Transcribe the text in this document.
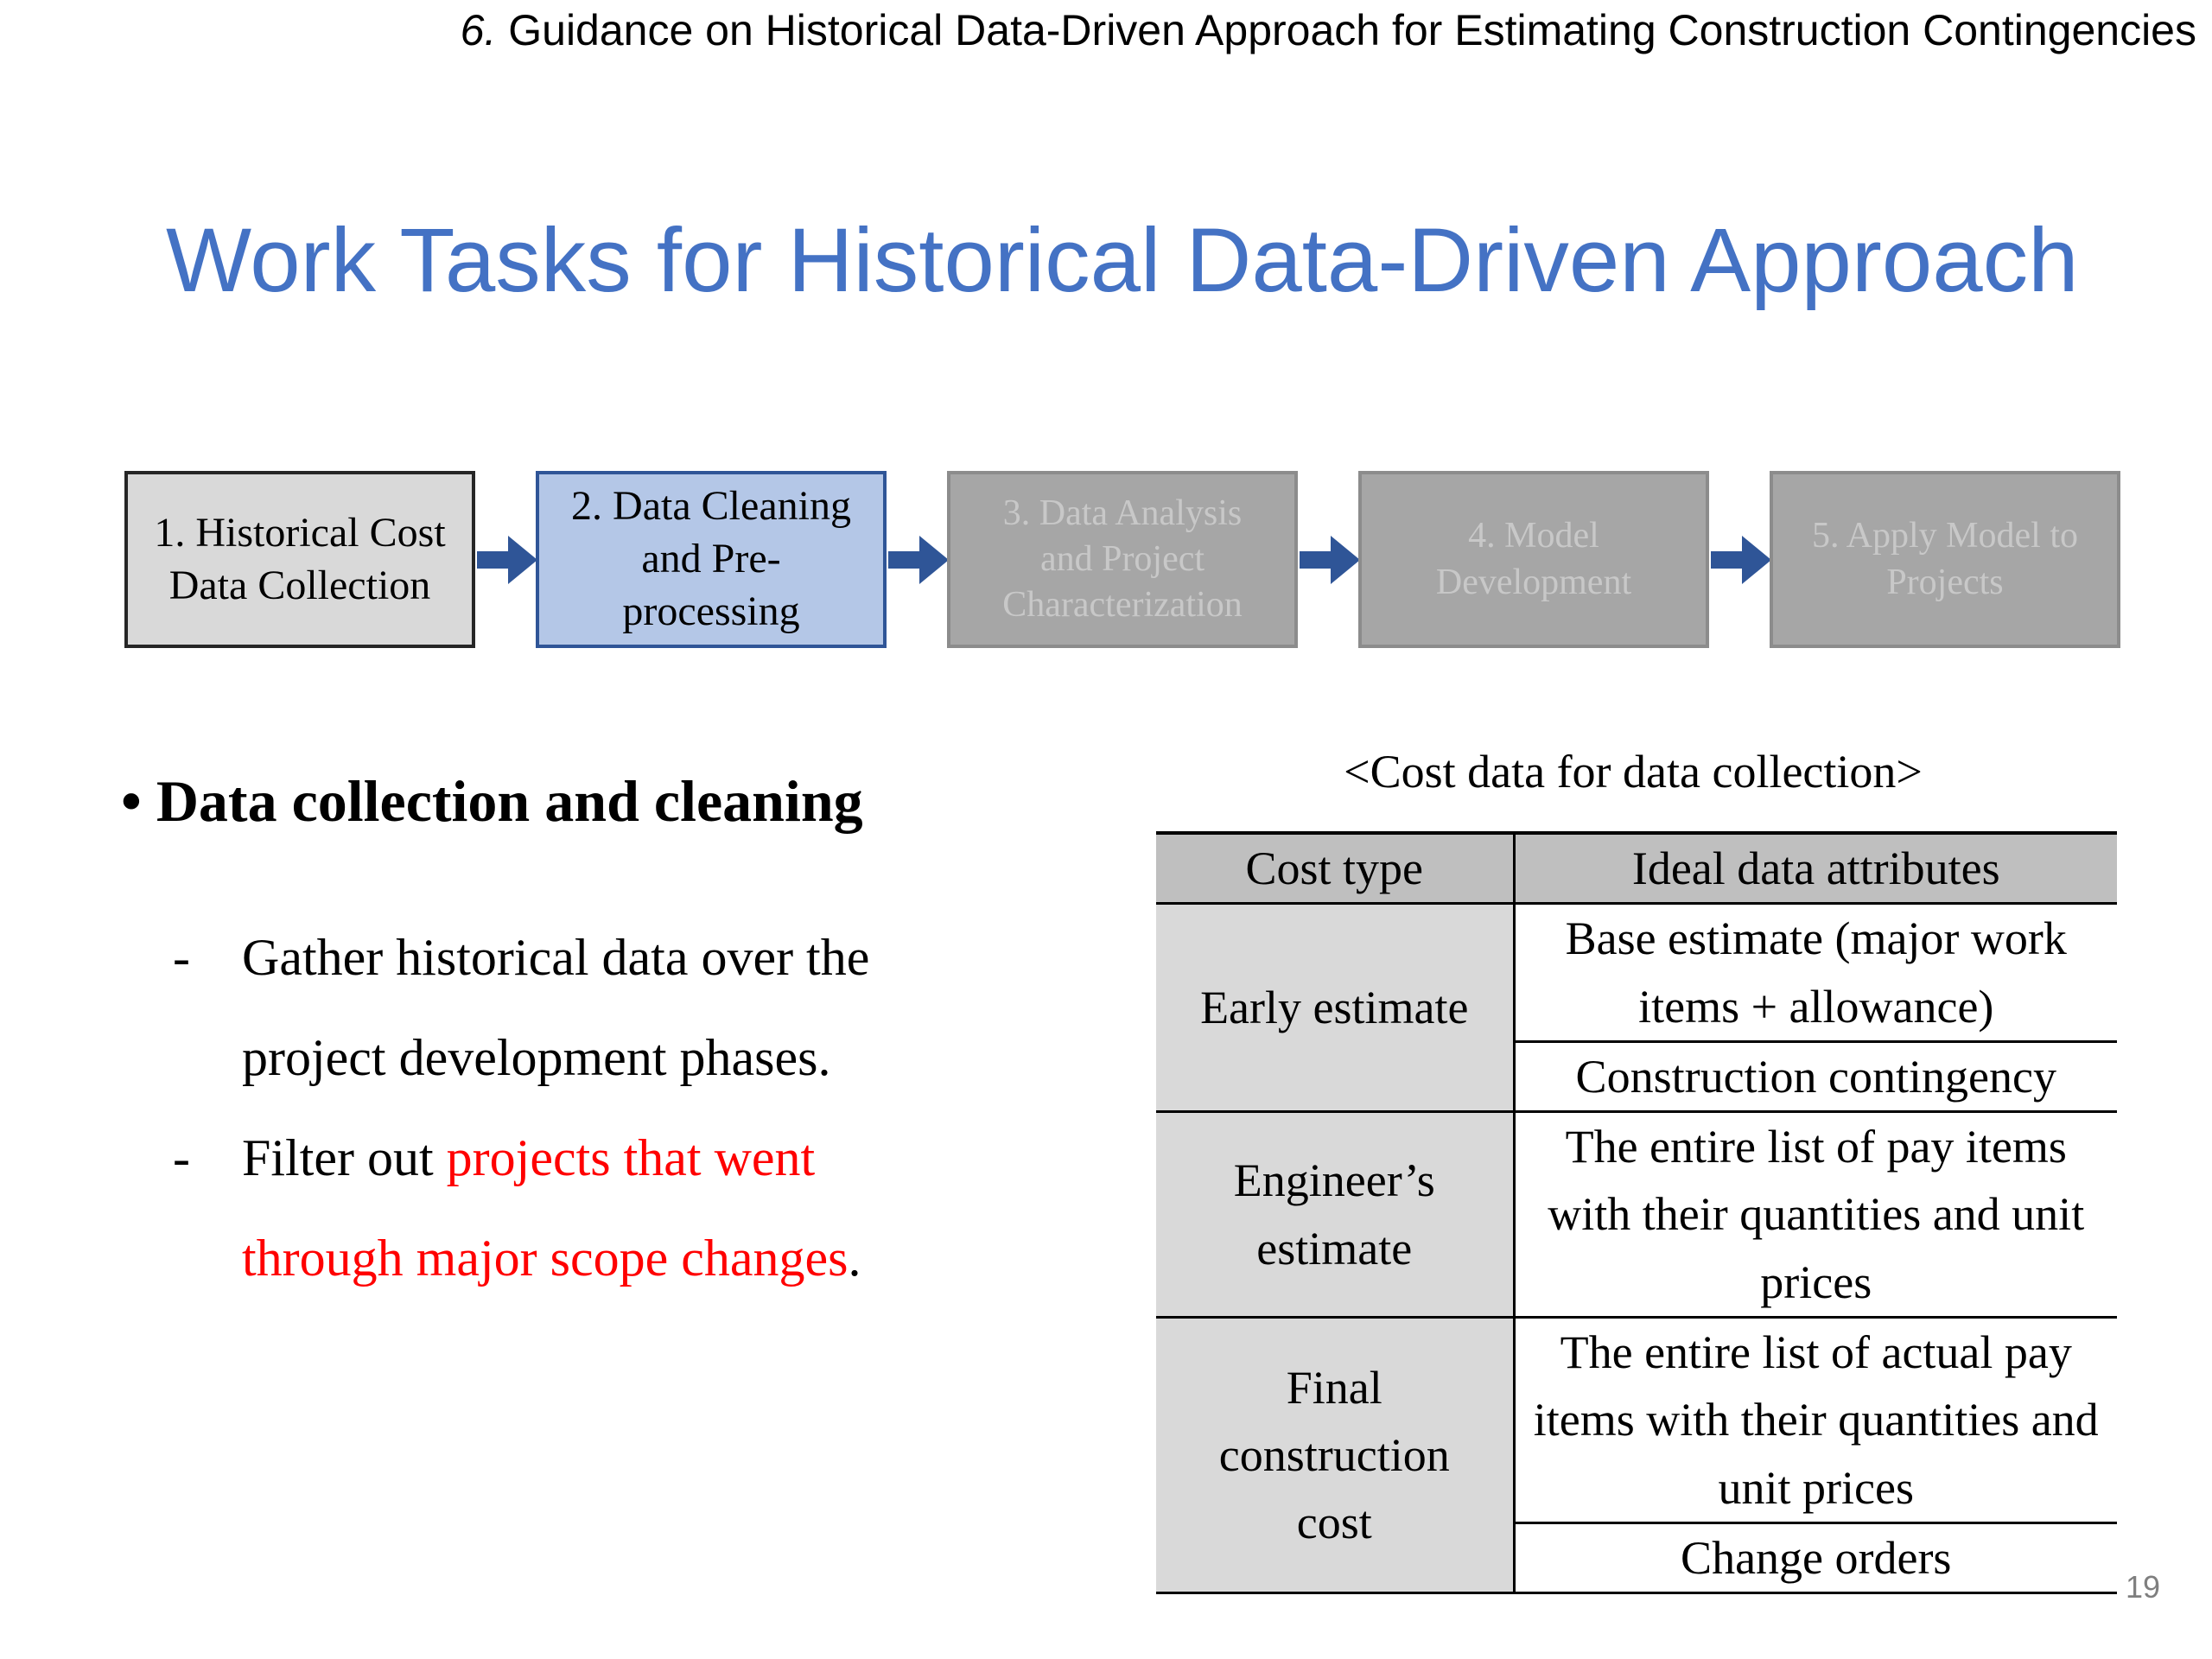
6. Guidance on Historical Data-Driven Approach for Estimating Construction Contingencies
Work Tasks for Historical Data-Driven Approach
1. Historical Cost
Data Collection
2. Data Cleaning
and Pre-
processing
3. Data Analysis
and Project
Characterization
4. Model
Development
5. Apply Model to
Projects
• Data collection and cleaning
- Gather historical data over the
project development phases.
- Filter out projects that went
through major scope changes.
<Cost data for data collection>
Cost type	Ideal data attributes
Early estimate	Base estimate (major work items + allowance)
	Construction contingency
Engineer’s estimate	The entire list of pay items with their quantities and unit prices
Final construction cost	The entire list of actual pay items with their quantities and unit prices
	Change orders
19
